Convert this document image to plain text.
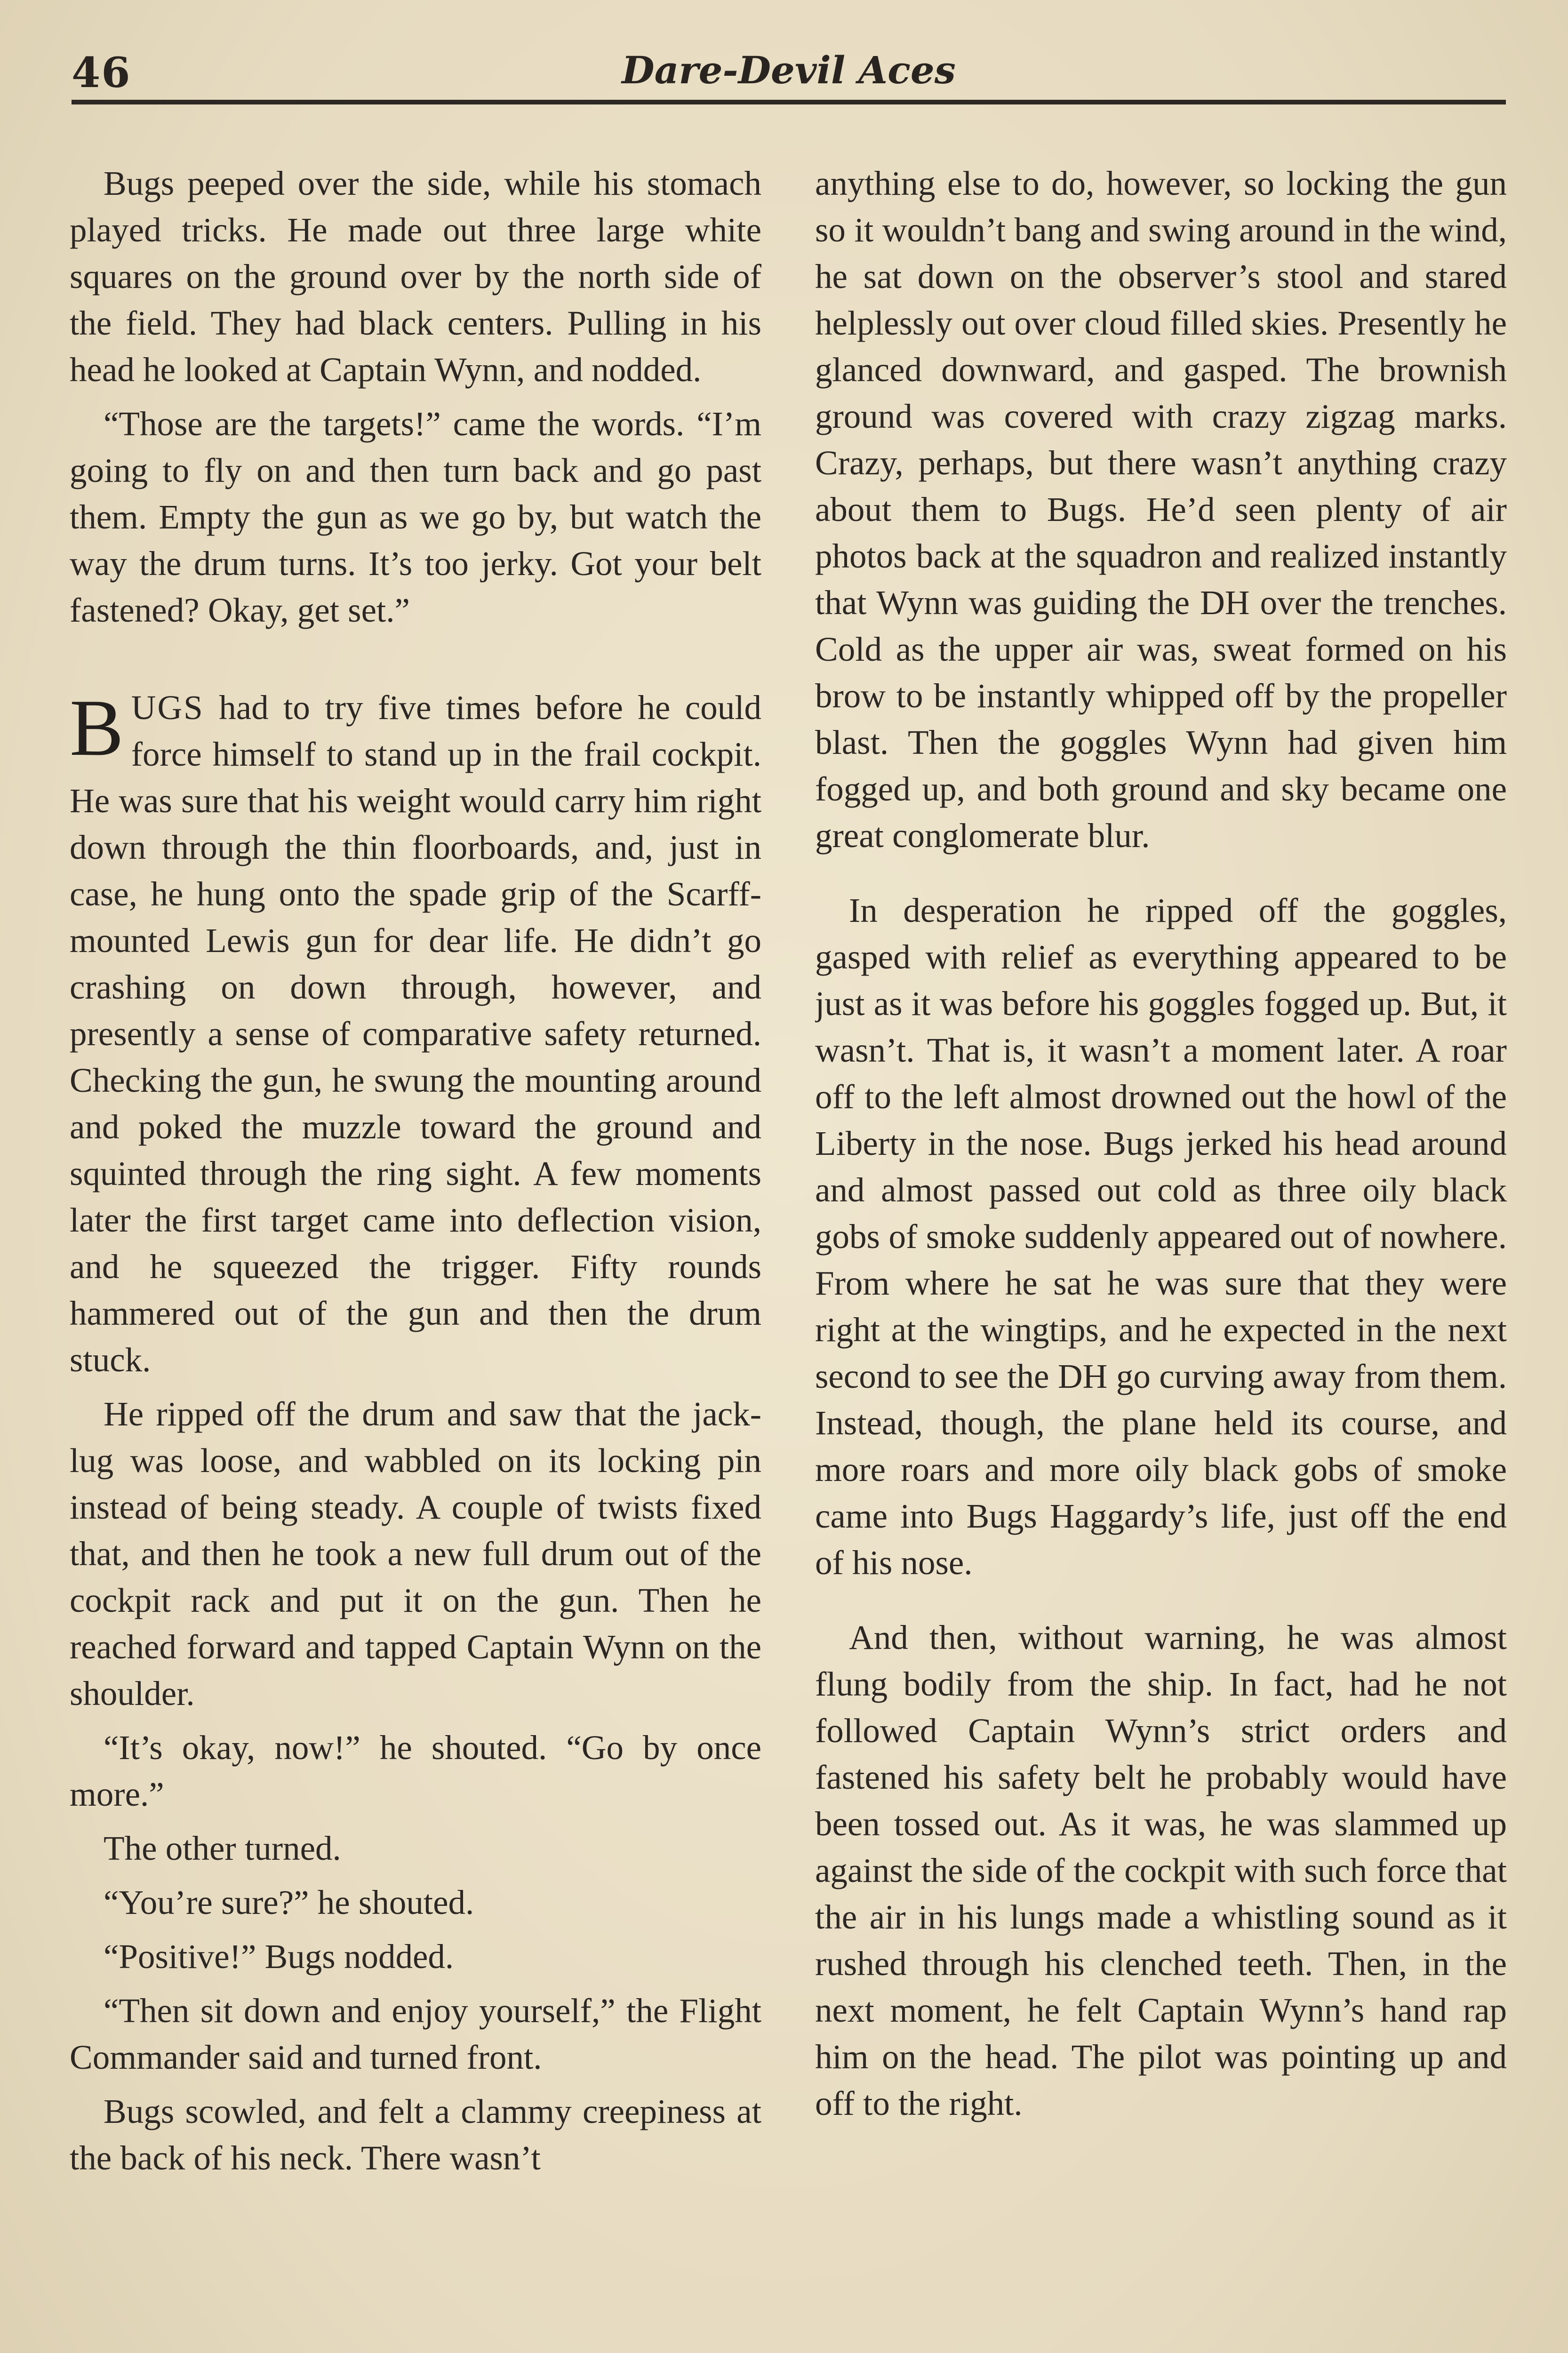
46	Dare-Devil Aces

Bugs peeped over the side, while his stomach played tricks. He made out three large white squares on the ground over by the north side of the field. They had black centers. Pulling in his head he looked at Captain Wynn, and nodded.

“Those are the targets!” came the words. “I’m going to fly on and then turn back and go past them. Empty the gun as we go by, but watch the way the drum turns. It’s too jerky. Got your belt fastened? Okay, get set.”

BUGS had to try five times before he could force himself to stand up in the frail cockpit. He was sure that his weight would carry him right down through the thin floorboards, and, just in case, he hung onto the spade grip of the Scarff-mounted Lewis gun for dear life. He didn’t go crashing on down through, however, and presently a sense of comparative safety returned. Checking the gun, he swung the mounting around and poked the muzzle toward the ground and squinted through the ring sight. A few moments later the first target came into deflection vision, and he squeezed the trigger. Fifty rounds hammered out of the gun and then the drum stuck.

He ripped off the drum and saw that the jack-lug was loose, and wabbled on its locking pin instead of being steady. A couple of twists fixed that, and then he took a new full drum out of the cockpit rack and put it on the gun. Then he reached forward and tapped Captain Wynn on the shoulder.

“It’s okay, now!” he shouted. “Go by once more.”

The other turned.

“You’re sure?” he shouted.

“Positive!” Bugs nodded.

“Then sit down and enjoy yourself,” the Flight Commander said and turned front.

Bugs scowled, and felt a clammy creepiness at the back of his neck. There wasn’t

anything else to do, however, so locking the gun so it wouldn’t bang and swing around in the wind, he sat down on the observer’s stool and stared helplessly out over cloud filled skies. Presently he glanced downward, and gasped. The brownish ground was covered with crazy zigzag marks. Crazy, perhaps, but there wasn’t anything crazy about them to Bugs. He’d seen plenty of air photos back at the squadron and realized instantly that Wynn was guiding the DH over the trenches. Cold as the upper air was, sweat formed on his brow to be instantly whipped off by the propeller blast. Then the goggles Wynn had given him fogged up, and both ground and sky became one great conglomerate blur.

In desperation he ripped off the goggles, gasped with relief as everything appeared to be just as it was before his goggles fogged up. But, it wasn’t. That is, it wasn’t a moment later. A roar off to the left almost drowned out the howl of the Liberty in the nose. Bugs jerked his head around and almost passed out cold as three oily black gobs of smoke suddenly appeared out of nowhere. From where he sat he was sure that they were right at the wingtips, and he expected in the next second to see the DH go curving away from them. Instead, though, the plane held its course, and more roars and more oily black gobs of smoke came into Bugs Haggardy’s life, just off the end of his nose.

And then, without warning, he was almost flung bodily from the ship. In fact, had he not followed Captain Wynn’s strict orders and fastened his safety belt he probably would have been tossed out. As it was, he was slammed up against the side of the cockpit with such force that the air in his lungs made a whistling sound as it rushed through his clenched teeth. Then, in the next moment, he felt Captain Wynn’s hand rap him on the head. The pilot was pointing up and off to the right.
